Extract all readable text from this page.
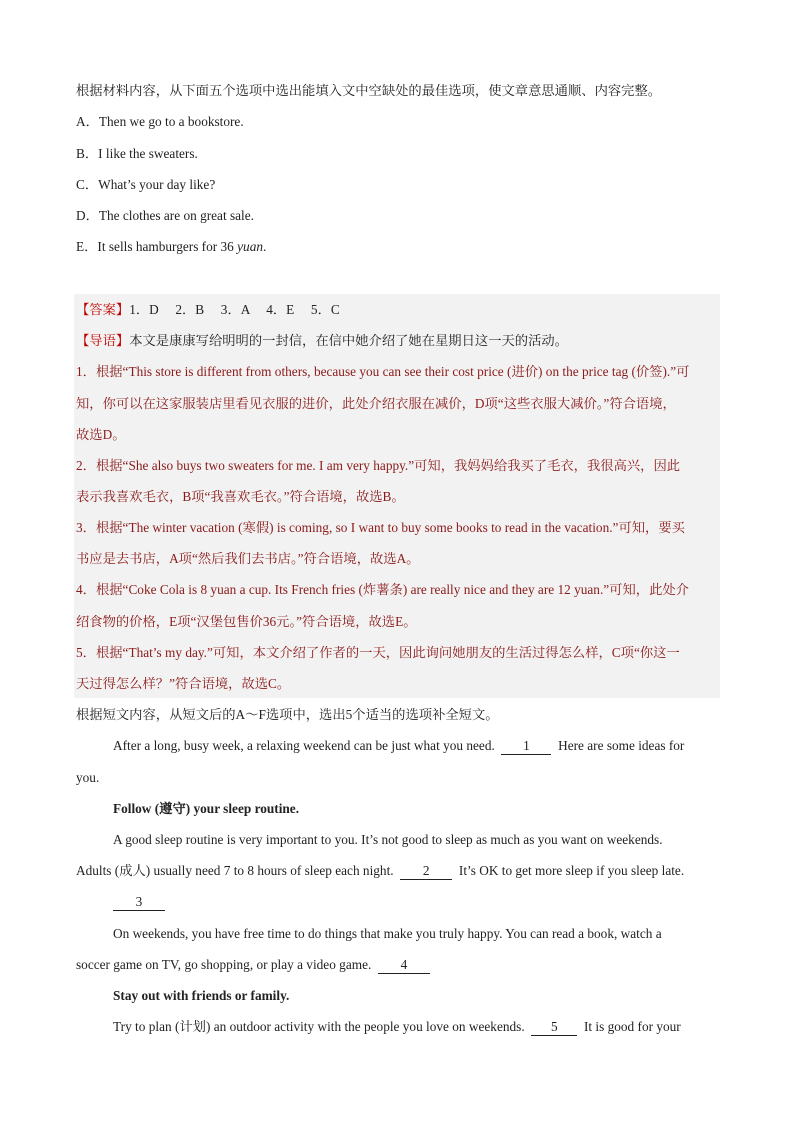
根据材料内容，从下面五个选项中选出能填入文中空缺处的最佳选项，使文章意思通顺、内容完整。
A．Then we go to a bookstore.
B．I like the sweaters.
C．What’s your day like?
D．The clothes are on great sale.
E．It sells hamburgers for 36 yuan.
【答案】1．D　 2．B　 3．A　 4．E　 5．C
【导语】本文是康康写给明明的一封信，在信中她介绍了她在星期日这一天的活动。
1．根据“This store is different from others, because you can see their cost price (进价) on the price tag (价签).”可
知，你可以在这家服装店里看见衣服的进价，此处介绍衣服在减价，D项“这些衣服大减价。”符合语境，
故选D。
2．根据“She also buys two sweaters for me. I am very happy.”可知，我妈妈给我买了毛衣，我很高兴，因此
表示我喜欢毛衣，B项“我喜欢毛衣。”符合语境，故选B。
3．根据“The winter vacation (寒假) is coming, so I want to buy some books to read in the vacation.”可知，要买
书应是去书店，A项“然后我们去书店。”符合语境，故选A。
4．根据“Coke Cola is 8 yuan a cup. Its French fries (炸薯条) are really nice and they are 12 yuan.”可知，此处介
绍食物的价格，E项“汉堡包售价36元。”符合语境，故选E。
5．根据“That’s my day.”可知，本文介绍了作者的一天，因此询问她朋友的生活过得怎么样，C项“你这一
天过得怎么样？”符合语境，故选C。
根据短文内容，从短文后的A～F选项中，选出5个适当的选项补全短文。
After a long, busy week, a relaxing weekend can be just what you need. 1 Here are some ideas for
you.
Follow (遵守) your sleep routine.
A good sleep routine is very important to you. It’s not good to sleep as much as you want on weekends.
Adults (成人) usually need 7 to 8 hours of sleep each night. 2 It’s OK to get more sleep if you sleep late.
3
On weekends, you have free time to do things that make you truly happy. You can read a book, watch a
soccer game on TV, go shopping, or play a video game. 4
Stay out with friends or family.
Try to plan (计划) an outdoor activity with the people you love on weekends. 5 It is good for your
